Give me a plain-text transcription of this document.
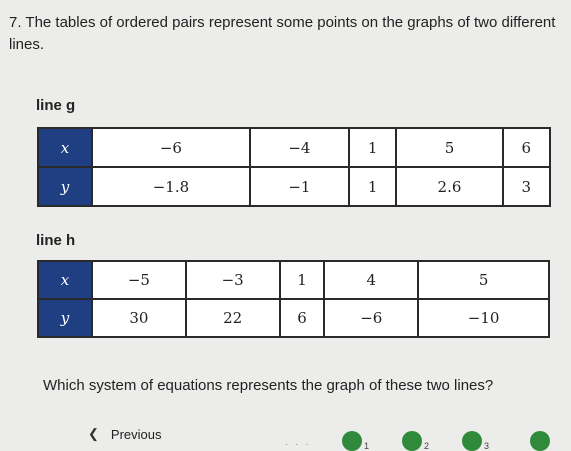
7. The tables of ordered pairs represent some points on the graphs of two different lines.

line g

x	−6	−4	1	5	6
y	−1.8	−1	1	2.6	3

line h

x	−5	−3	1	4	5
y	30	22	6	−6	−10

Which system of equations represents the graph of these two lines?

❮ Previous
· · ·	1	2	3
